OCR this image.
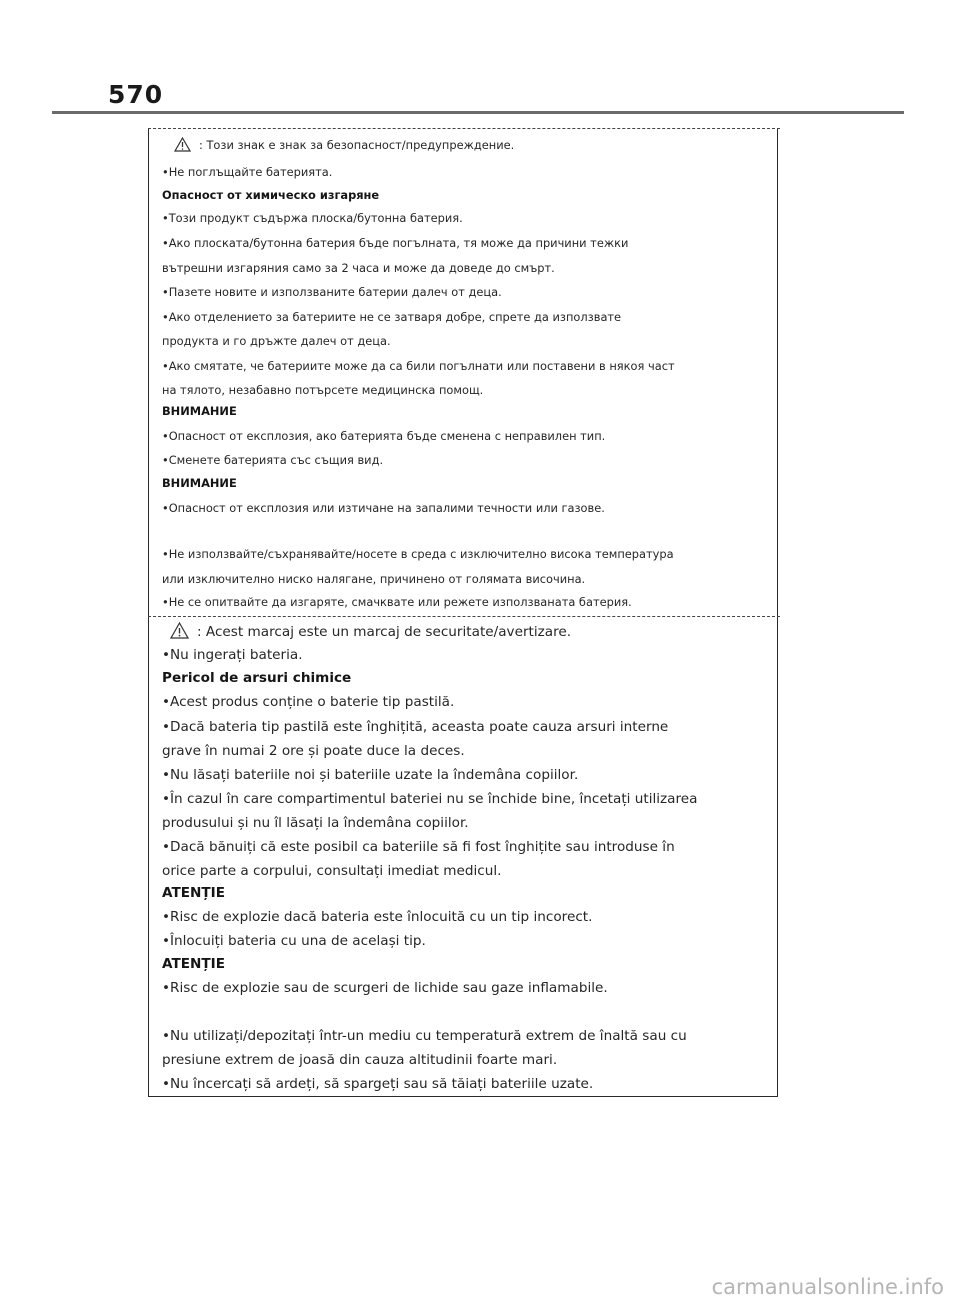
570
: Този знак е знак за безопасност/предупреждение.
•Не поглъщайте батерията.
Опасност от химическо изгаряне
•Този продукт съдържа плоска/бутонна батерия.
•Ако плоската/бутонна батерия бъде погълната, тя може да причини тежки
вътрешни изгаряния само за 2 часа и може да доведе до смърт.
•Пазете новите и използваните батерии далеч от деца.
•Ако отделението за батериите не се затваря добре, спрете да използвате
продукта и го дръжте далеч от деца.
•Ако смятате, че батериите може да са били погълнати или поставени в някоя част
на тялото, незабавно потърсете медицинска помощ.
ВНИМАНИЕ
•Опасност от експлозия, ако батерията бъде сменена с неправилен тип.
•Сменете батерията със същия вид.
ВНИМАНИЕ
•Опасност от експлозия или изтичане на запалими течности или газове.
•Не използвайте/съхранявайте/носете в среда с изключително висока температура
или изключително ниско налягане, причинено от голямата височина.
•Не се опитвайте да изгаряте, смачквате или режете използваната батерия.
: Acest marcaj este un marcaj de securitate/avertizare.
•Nu ingerați bateria.
Pericol de arsuri chimice
•Acest produs conține o baterie tip pastilă.
•Dacă bateria tip pastilă este înghițită, aceasta poate cauza arsuri interne
grave în numai 2 ore și poate duce la deces.
•Nu lăsați bateriile noi și bateriile uzate la îndemâna copiilor.
•În cazul în care compartimentul bateriei nu se închide bine, încetați utilizarea
produsului și nu îl lăsați la îndemâna copiilor.
•Dacă bănuiți că este posibil ca bateriile să fi fost înghițite sau introduse în
orice parte a corpului, consultați imediat medicul.
ATENȚIE
•Risc de explozie dacă bateria este înlocuită cu un tip incorect.
•Înlocuiți bateria cu una de același tip.
ATENȚIE
•Risc de explozie sau de scurgeri de lichide sau gaze inflamabile.
•Nu utilizați/depozitați într-un mediu cu temperatură extrem de înaltă sau cu
presiune extrem de joasă din cauza altitudinii foarte mari.
•Nu încercați să ardeți, să spargeți sau să tăiați bateriile uzate.
carmanualsonline.info
